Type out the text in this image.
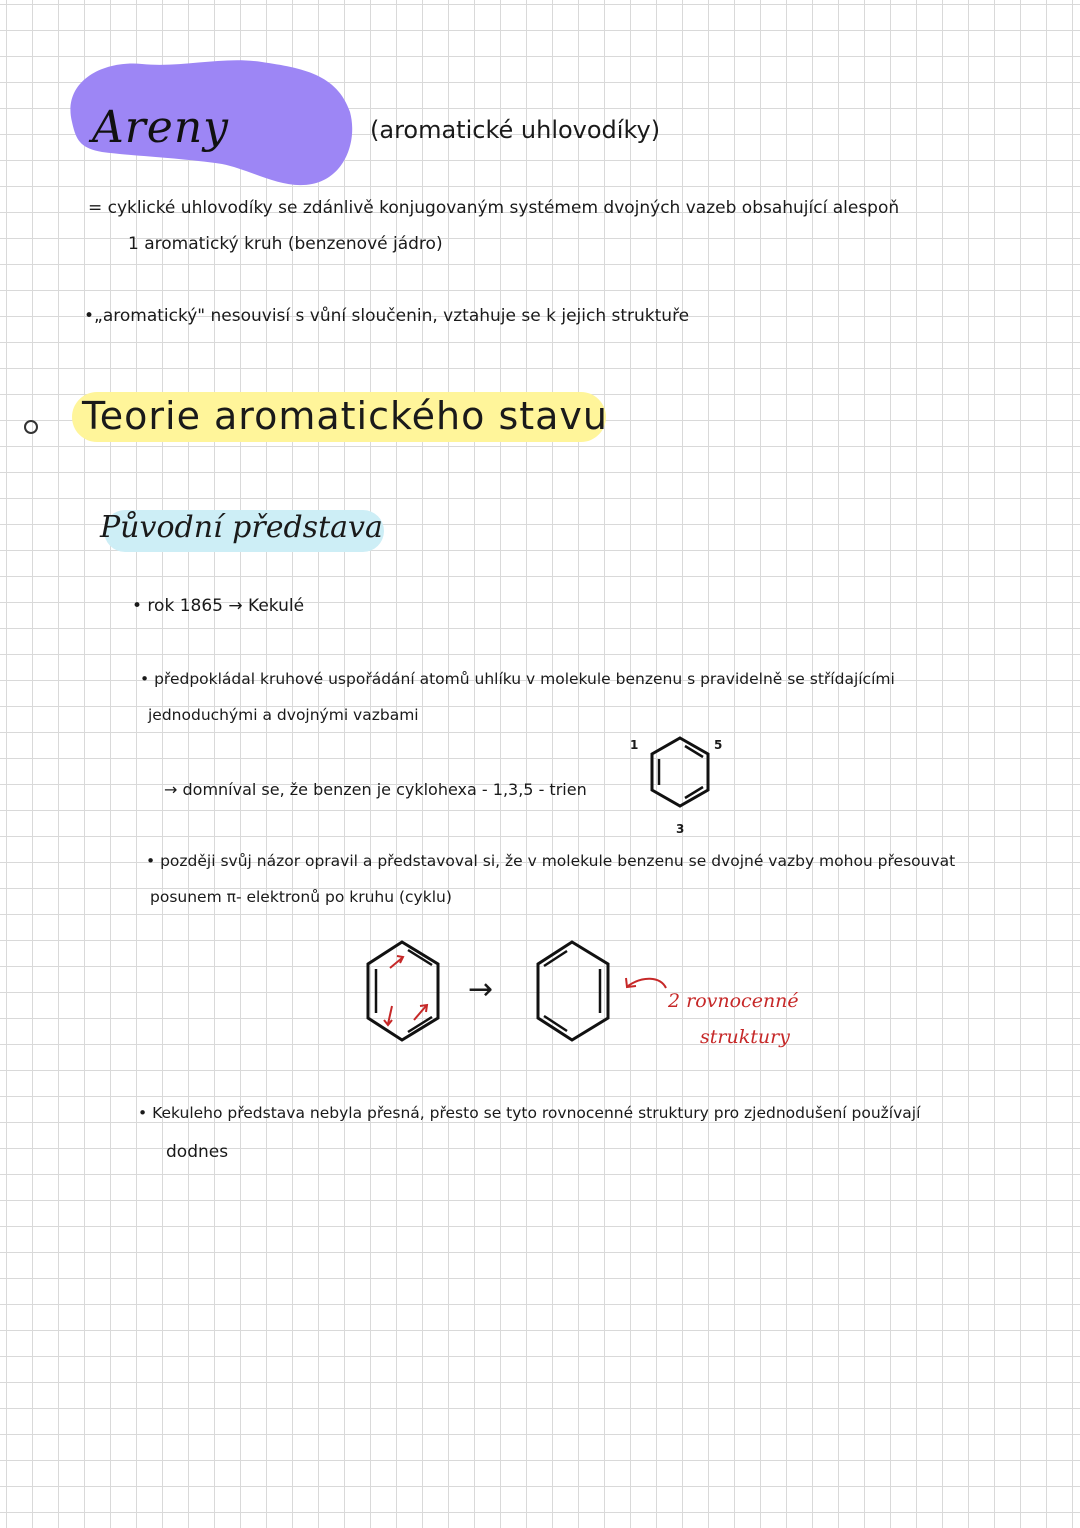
Areny	(aromatické uhlovodíky)
= cyklické uhlovodíky se zdánlivě konjugovaným systémem dvojných vazeb obsahující alespoň
1 aromatický kruh (benzenové jádro)
•„aromatický" nesouvisí s vůní sloučenin, vztahuje se k jejich struktuře
Teorie aromatického stavu
Původní představa
• rok 1865 → Kekulé
• předpokládal kruhové uspořádání atomů uhlíku v molekule benzenu s pravidelně se střídajícími
jednoduchými a dvojnými vazbami
→ domníval se, že benzen je cyklohexa - 1,3,5 - trien
1	5
3
• později svůj názor opravil a představoval si, že v molekule benzenu se dvojné vazby mohou přesouvat
posunem π- elektronů po kruhu (cyklu)
→	2 rovnocenné
struktury
• Kekuleho představa nebyla přesná, přesto se tyto rovnocenné struktury pro zjednodušení používají
dodnes
